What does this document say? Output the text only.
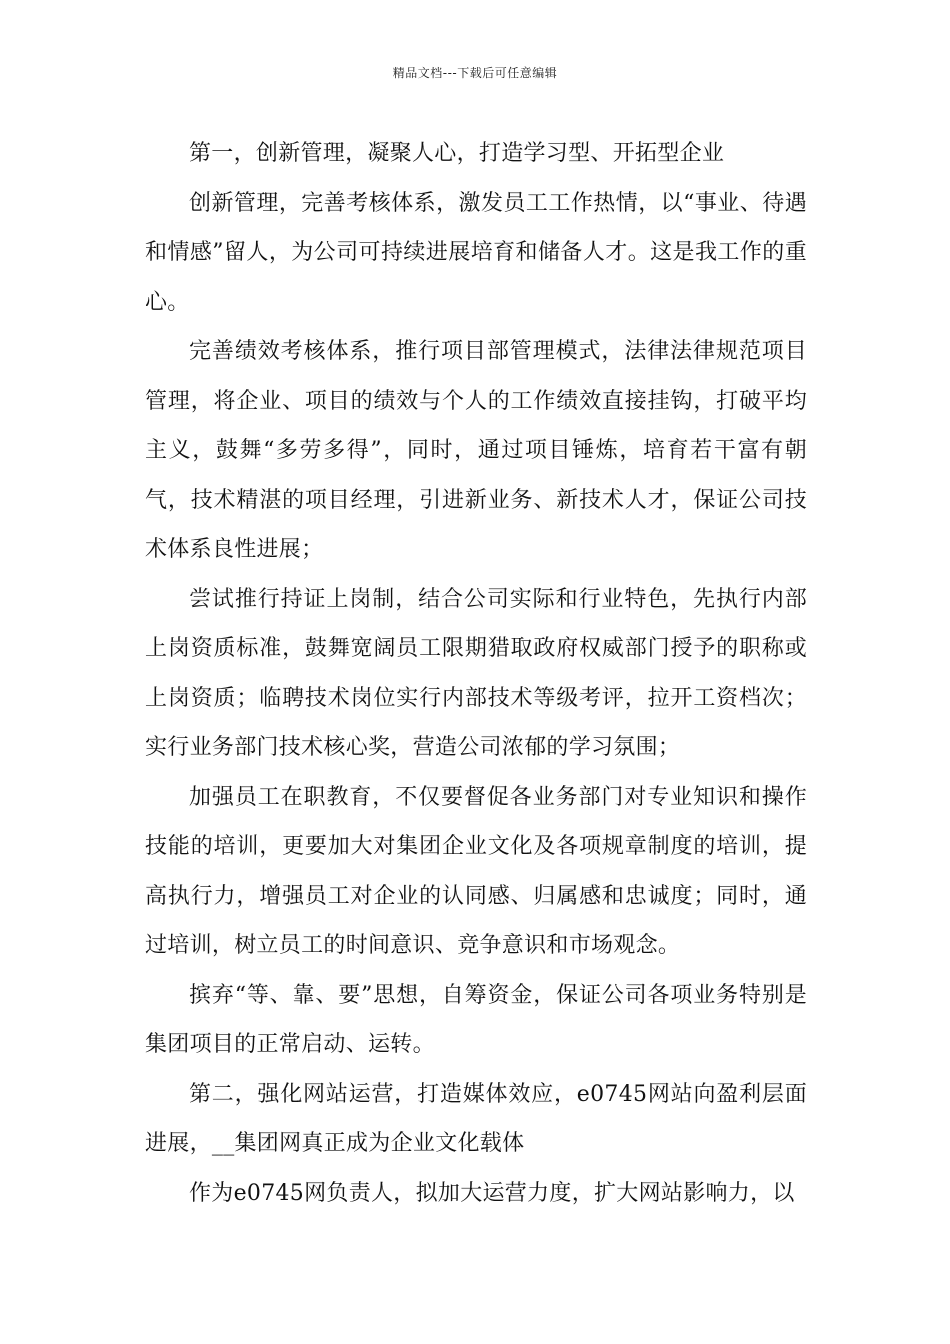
精品文档---下载后可任意编辑

第一，创新管理，凝聚人心，打造学习型、开拓型企业

创新管理，完善考核体系，激发员工工作热情，以“事业、待遇和情感”留人，为公司可持续进展培育和储备人才。这是我工作的重心。

完善绩效考核体系，推行项目部管理模式，法律法律规范项目管理，将企业、项目的绩效与个人的工作绩效直接挂钩，打破平均主义，鼓舞“多劳多得”，同时，通过项目锤炼，培育若干富有朝气，技术精湛的项目经理，引进新业务、新技术人才，保证公司技术体系良性进展；

尝试推行持证上岗制，结合公司实际和行业特色，先执行内部上岗资质标准，鼓舞宽阔员工限期猎取政府权威部门授予的职称或上岗资质；临聘技术岗位实行内部技术等级考评，拉开工资档次；实行业务部门技术核心奖，营造公司浓郁的学习氛围；

加强员工在职教育，不仅要督促各业务部门对专业知识和操作技能的培训，更要加大对集团企业文化及各项规章制度的培训，提高执行力，增强员工对企业的认同感、归属感和忠诚度；同时，通过培训，树立员工的时间意识、竞争意识和市场观念。

摈弃“等、靠、要”思想，自筹资金，保证公司各项业务特别是集团项目的正常启动、运转。

第二，强化网站运营，打造媒体效应，e0745网站向盈利层面进展，__集团网真正成为企业文化载体

作为e0745网负责人，拟加大运营力度，扩大网站影响力，以
